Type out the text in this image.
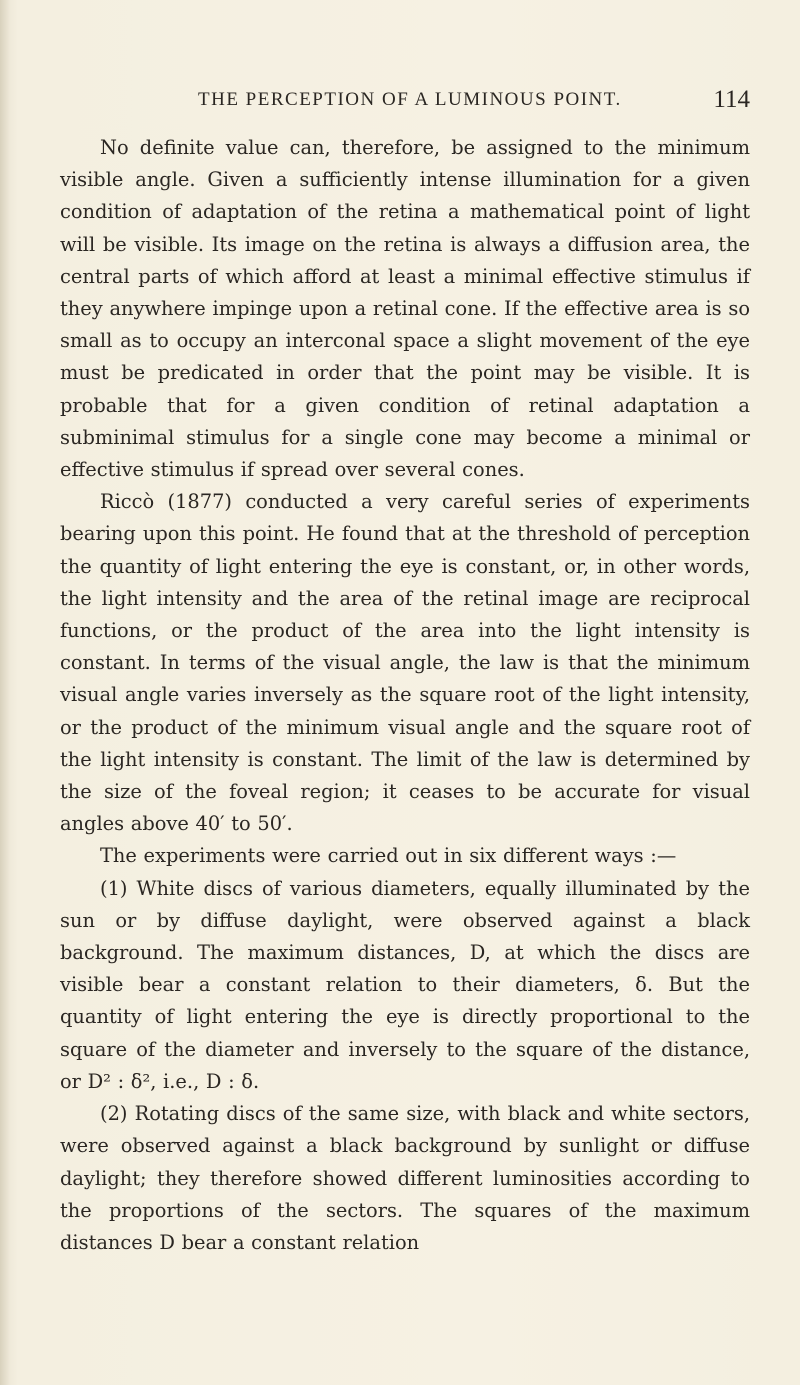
THE PERCEPTION OF A LUMINOUS POINT.	114

No definite value can, therefore, be assigned to the minimum visible angle. Given a sufficiently intense illumination for a given condition of adaptation of the retina a mathematical point of light will be visible. Its image on the retina is always a diffusion area, the central parts of which afford at least a minimal effective stimulus if they anywhere impinge upon a retinal cone. If the effective area is so small as to occupy an interconal space a slight movement of the eye must be predicated in order that the point may be visible. It is probable that for a given condition of retinal adaptation a subminimal stimulus for a single cone may become a minimal or effective stimulus if spread over several cones.

Riccò (1877) conducted a very careful series of experiments bearing upon this point. He found that at the threshold of perception the quantity of light entering the eye is constant, or, in other words, the light intensity and the area of the retinal image are reciprocal functions, or the product of the area into the light intensity is constant. In terms of the visual angle, the law is that the minimum visual angle varies inversely as the square root of the light intensity, or the product of the minimum visual angle and the square root of the light intensity is constant. The limit of the law is determined by the size of the foveal region; it ceases to be accurate for visual angles above 40′ to 50′.

The experiments were carried out in six different ways :—

(1) White discs of various diameters, equally illuminated by the sun or by diffuse daylight, were observed against a black background. The maximum distances, D, at which the discs are visible bear a constant relation to their diameters, δ. But the quantity of light entering the eye is directly proportional to the square of the diameter and inversely to the square of the distance, or D² : δ², i.e., D : δ.

(2) Rotating discs of the same size, with black and white sectors, were observed against a black background by sunlight or diffuse daylight; they therefore showed different luminosities according to the proportions of the sectors. The squares of the maximum distances D bear a constant relation
